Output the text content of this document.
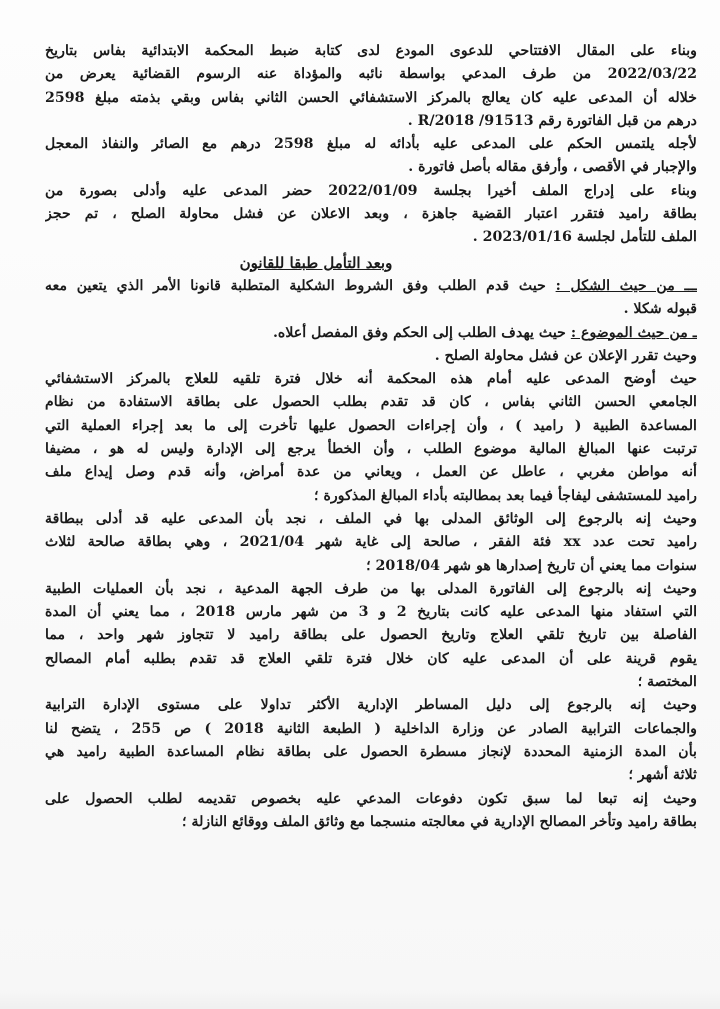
وبناء على المقال الافتتاحي للدعوى المودع لدى كتابة ضبط المحكمة الابتدائية بفاس بتاريخ
2022/03/22 من طرف المدعي بواسطة نائبه والمؤداة عنه الرسوم القضائية يعرض من
خلاله أن المدعى عليه كان يعالج بالمركز الاستشفائي الحسن الثاني بفاس وبقي بذمته مبلغ 2598
درهم من قبل الفاتورة رقم 91513/ 2018/R .
لأجله يلتمس الحكم على المدعى عليه بأدائه له مبلغ 2598 درهم مع الصائر والنفاذ المعجل
والإجبار في الأقصى ، وأرفق مقاله بأصل فاتورة .
وبناء على إدراج الملف أخيرا بجلسة 2022/01/09 حضر المدعى عليه وأدلى بصورة من
بطاقة راميد فتقرر اعتبار القضية جاهزة ، وبعد الاعلان عن فشل محاولة الصلح ، تم حجز
الملف للتأمل لجلسة 2023/01/16 .
وبعد التأمل طبقا للقانون
ـــ من حيث الشكل : حيث قدم الطلب وفق الشروط الشكلية المتطلبة قانونا الأمر الذي يتعين معه
قبوله شكلا .
ـ من حيث الموضوع : حيث يهدف الطلب إلى الحكم وفق المفصل أعلاه.
وحيث تقرر الإعلان عن فشل محاولة الصلح .
حيث أوضح المدعى عليه أمام هذه المحكمة أنه خلال فترة تلقيه للعلاج بالمركز الاستشفائي
الجامعي الحسن الثاني بفاس ، كان قد تقدم بطلب الحصول على بطاقة الاستفادة من نظام
المساعدة الطبية ( راميد ) ، وأن إجراءات الحصول عليها تأخرت إلى ما بعد إجراء العملية التي
ترتبت عنها المبالغ المالية موضوع الطلب ، وأن الخطأ يرجع إلى الإدارة وليس له هو ، مضيفا
أنه مواطن مغربي ، عاطل عن العمل ، ويعاني من عدة أمراض، وأنه قدم وصل إيداع ملف
راميد للمستشفى ليفاجأ فيما بعد بمطالبته بأداء المبالغ المذكورة ؛
وحيث إنه بالرجوع إلى الوثائق المدلى بها في الملف ، نجد بأن المدعى عليه قد أدلى ببطاقة
راميد تحت عدد xx فئة الفقر ، صالحة إلى غاية شهر 2021/04 ، وهي بطاقة صالحة لثلاث
سنوات مما يعني أن تاريخ إصدارها هو شهر 2018/04 ؛
وحيث إنه بالرجوع إلى الفاتورة المدلى بها من طرف الجهة المدعية ، نجد بأن العمليات الطبية
التي استفاد منها المدعى عليه كانت بتاريخ 2 و 3 من شهر مارس 2018 ، مما يعني أن المدة
الفاصلة بين تاريخ تلقي العلاج وتاريخ الحصول على بطاقة راميد لا تتجاوز شهر واحد ، مما
يقوم قرينة على أن المدعى عليه كان خلال فترة تلقي العلاج قد تقدم بطلبه أمام المصالح
المختصة ؛
وحيث إنه بالرجوع إلى دليل المساطر الإدارية الأكثر تداولا على مستوى الإدارة الترابية
والجماعات الترابية الصادر عن وزارة الداخلية ( الطبعة الثانية 2018 ) ص 255 ، يتضح لنا
بأن المدة الزمنية المحددة لإنجاز مسطرة الحصول على بطاقة نظام المساعدة الطبية راميد هي
ثلاثة أشهر ؛
وحيث إنه تبعا لما سبق تكون دفوعات المدعي عليه بخصوص تقديمه لطلب الحصول على
بطاقة راميد وتأخر المصالح الإدارية في معالجته منسجما مع وثائق الملف ووقائع النازلة ؛
